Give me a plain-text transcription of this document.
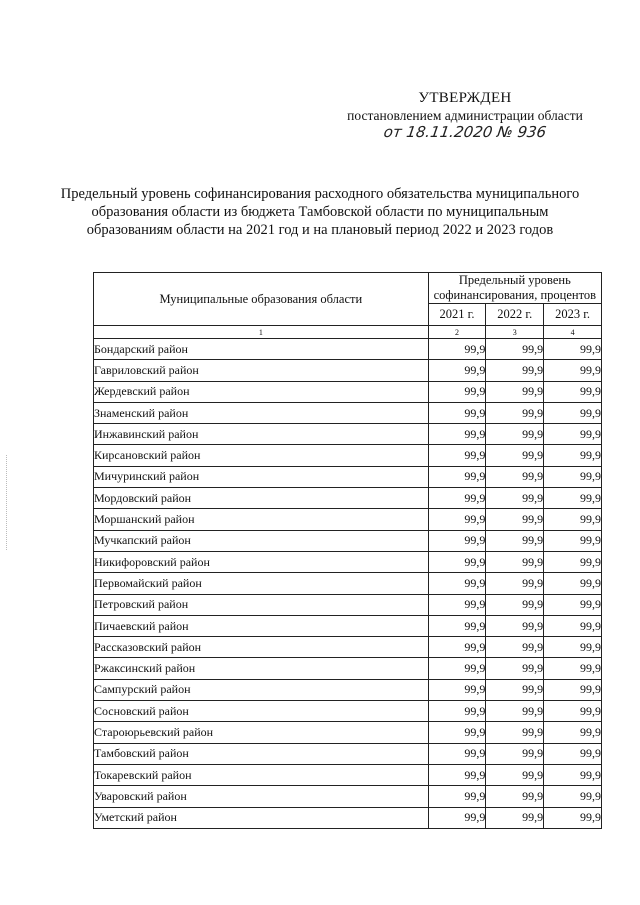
УТВЕРЖДЕН
постановлением администрации области
от 18.11.2020 № 936
Предельный уровень софинансирования расходного обязательства муниципального образования области из бюджета Тамбовской области по муниципальным образованиям области на 2021 год и на плановый период 2022 и 2023 годов
Муниципальные образования области	Предельный уровень софинансирования, процентов		
	2021 г.	2022 г.	2023 г.
1	2	3	4
Бондарский район	99,9	99,9	99,9
Гавриловский район	99,9	99,9	99,9
Жердевский район	99,9	99,9	99,9
Знаменский район	99,9	99,9	99,9
Инжавинский район	99,9	99,9	99,9
Кирсановский район	99,9	99,9	99,9
Мичуринский район	99,9	99,9	99,9
Мордовский район	99,9	99,9	99,9
Моршанский район	99,9	99,9	99,9
Мучкапский район	99,9	99,9	99,9
Никифоровский район	99,9	99,9	99,9
Первомайский район	99,9	99,9	99,9
Петровский район	99,9	99,9	99,9
Пичаевский район	99,9	99,9	99,9
Рассказовский район	99,9	99,9	99,9
Ржаксинский район	99,9	99,9	99,9
Сампурский район	99,9	99,9	99,9
Сосновский район	99,9	99,9	99,9
Староюрьевский район	99,9	99,9	99,9
Тамбовский район	99,9	99,9	99,9
Токаревский район	99,9	99,9	99,9
Уваровский район	99,9	99,9	99,9
Уметский район	99,9	99,9	99,9
